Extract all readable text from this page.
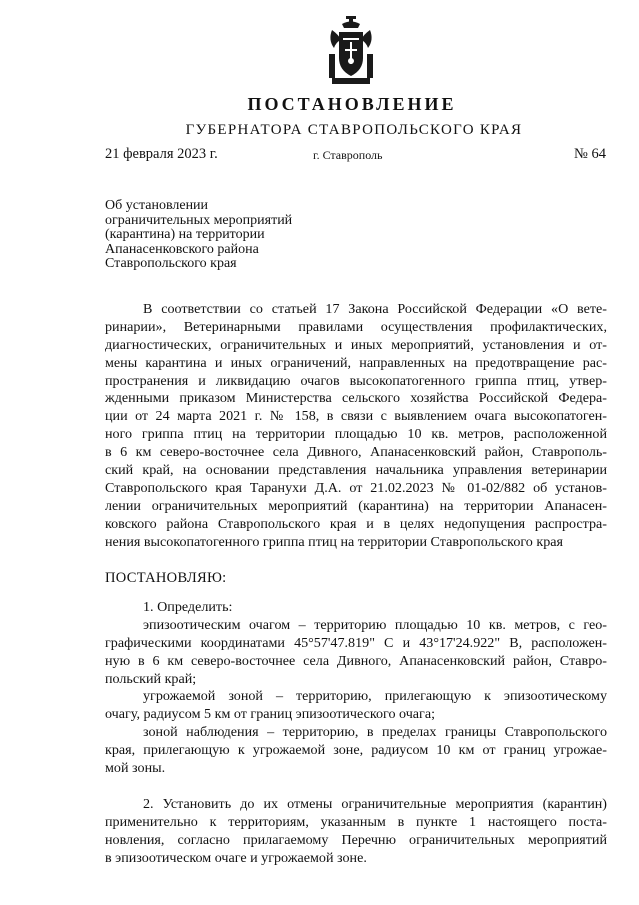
ПОСТАНОВЛЕНИЕ
ГУБЕРНАТОРА СТАВРОПОЛЬСКОГО КРАЯ
21 февраля 2023 г.	г. Ставрополь	№ 64
Об установлении
ограничительных мероприятий
(карантина) на территории
Апанасенковского района
Ставропольского края
В соответствии со статьей 17 Закона Российской Федерации «О вете-
ринарии», Ветеринарными правилами осуществления профилактических,
диагностических, ограничительных и иных мероприятий, установления и от-
мены карантина и иных ограничений, направленных на предотвращение рас-
пространения и ликвидацию очагов высокопатогенного гриппа птиц, утвер-
жденными приказом Министерства сельского хозяйства Российской Федера-
ции от 24 марта 2021 г. № 158, в связи с выявлением очага высокопатоген-
ного гриппа птиц на территории площадью 10 кв. метров, расположенной
в 6 км северо-восточнее села Дивного, Апанасенковский район, Ставрополь-
ский край, на основании представления начальника управления ветеринарии
Ставропольского края Таранухи Д.А. от 21.02.2023 № 01-02/882 об установ-
лении ограничительных мероприятий (карантина) на территории Апанасен-
ковского района Ставропольского края и в целях недопущения распростра-
нения высокопатогенного гриппа птиц на территории Ставропольского края
ПОСТАНОВЛЯЮ:
1. Определить:
эпизоотическим очагом – территорию площадью 10 кв. метров, с гео-
графическими координатами 45°57'47.819" С и 43°17'24.922" В, расположен-
ную в 6 км северо-восточнее села Дивного, Апанасенковский район, Ставро-
польский край;
угрожаемой зоной – территорию, прилегающую к эпизоотическому
очагу, радиусом 5 км от границ эпизоотического очага;
зоной наблюдения – территорию, в пределах границы Ставропольского
края, прилегающую к угрожаемой зоне, радиусом 10 км от границ угрожае-
мой зоны.
2. Установить до их отмены ограничительные мероприятия (карантин)
применительно к территориям, указанным в пункте 1 настоящего поста-
новления, согласно прилагаемому Перечню ограничительных мероприятий
в эпизоотическом очаге и угрожаемой зоне.
